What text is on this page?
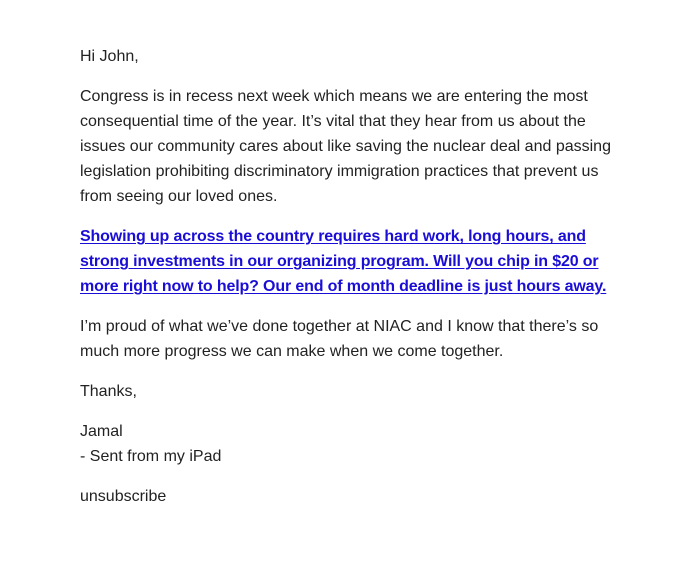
Hi John,

Congress is in recess next week which means we are entering the most consequential time of the year. It’s vital that they hear from us about the issues our community cares about like saving the nuclear deal and passing legislation prohibiting discriminatory immigration practices that prevent us from seeing our loved ones.

Showing up across the country requires hard work, long hours, and strong investments in our organizing program. Will you chip in $20 or more right now to help? Our end of month deadline is just hours away.

I’m proud of what we’ve done together at NIAC and I know that there’s so much more progress we can make when we come together.

Thanks,

Jamal
- Sent from my iPad

unsubscribe
